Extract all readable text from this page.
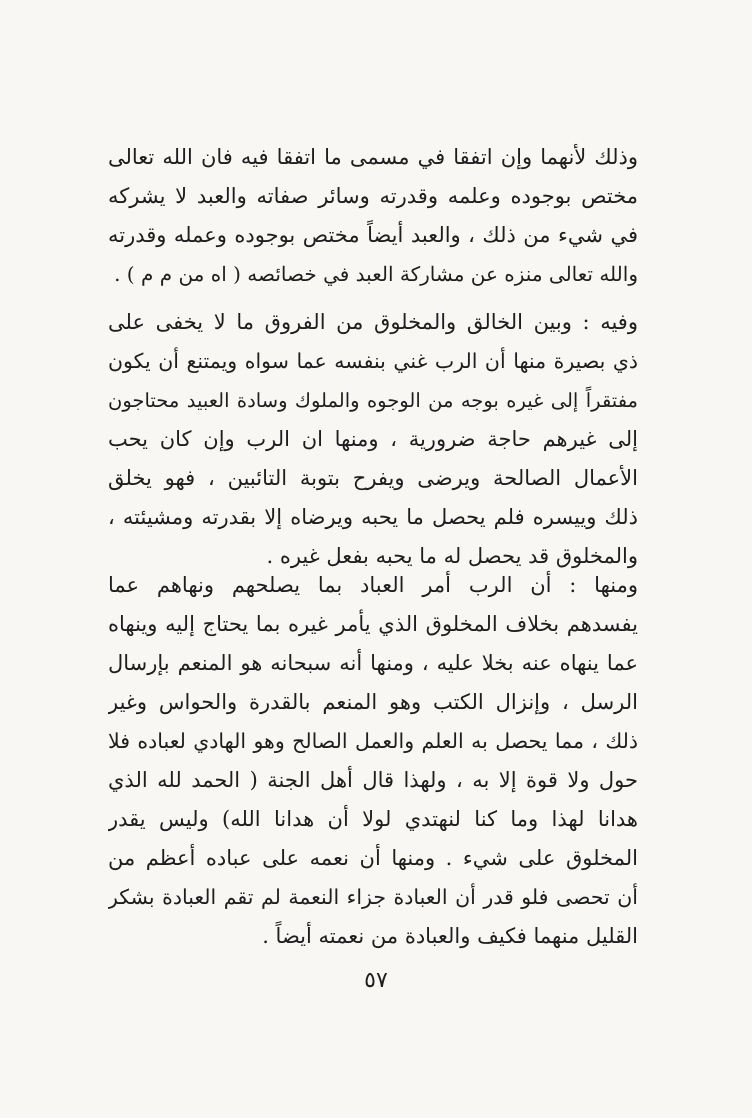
وذلك لأنهما وإن اتفقا في مسمى ما اتفقا فيه فان الله تعالى
مختص بوجوده وعلمه وقدرته وسائر صفاته والعبد لا يشركه
في شيء من ذلك ، والعبد أيضاً مختص بوجوده وعمله وقدرته
والله تعالى منزه عن مشاركة العبد في خصائصه ( اه من م م ) .
وفيه : وبين الخالق والمخلوق من الفروق ما لا يخفى على
ذي بصيرة منها أن الرب غني بنفسه عما سواه ويمتنع أن يكون
مفتقراً إلى غيره بوجه من الوجوه والملوك وسادة العبيد محتاجون
إلى غيرهم حاجة ضرورية ، ومنها ان الرب وإن كان يحب
الأعمال الصالحة ويرضى ويفرح بتوبة التائبين ، فهو يخلق
ذلك وييسره فلم يحصل ما يحبه ويرضاه إلا بقدرته ومشيئته ،
والمخلوق قد يحصل له ما يحبه بفعل غيره .
ومنها : أن الرب أمر العباد بما يصلحهم ونهاهم عما
يفسدهم بخلاف المخلوق الذي يأمر غيره بما يحتاج إليه وينهاه
عما ينهاه عنه بخلا عليه ، ومنها أنه سبحانه هو المنعم بإرسال
الرسل ، وإنزال الكتب وهو المنعم بالقدرة والحواس وغير
ذلك ، مما يحصل به العلم والعمل الصالح وهو الهادي لعباده فلا
حول ولا قوة إلا به ، ولهذا قال أهل الجنة ( الحمد لله الذي
هدانا لهذا وما كنا لنهتدي لولا أن هدانا الله) وليس يقدر
المخلوق على شيء . ومنها أن نعمه على عباده أعظم من
أن تحصى فلو قدر أن العبادة جزاء النعمة لم تقم العبادة بشكر
القليل منهما فكيف والعبادة من نعمته أيضاً .
٥٧
